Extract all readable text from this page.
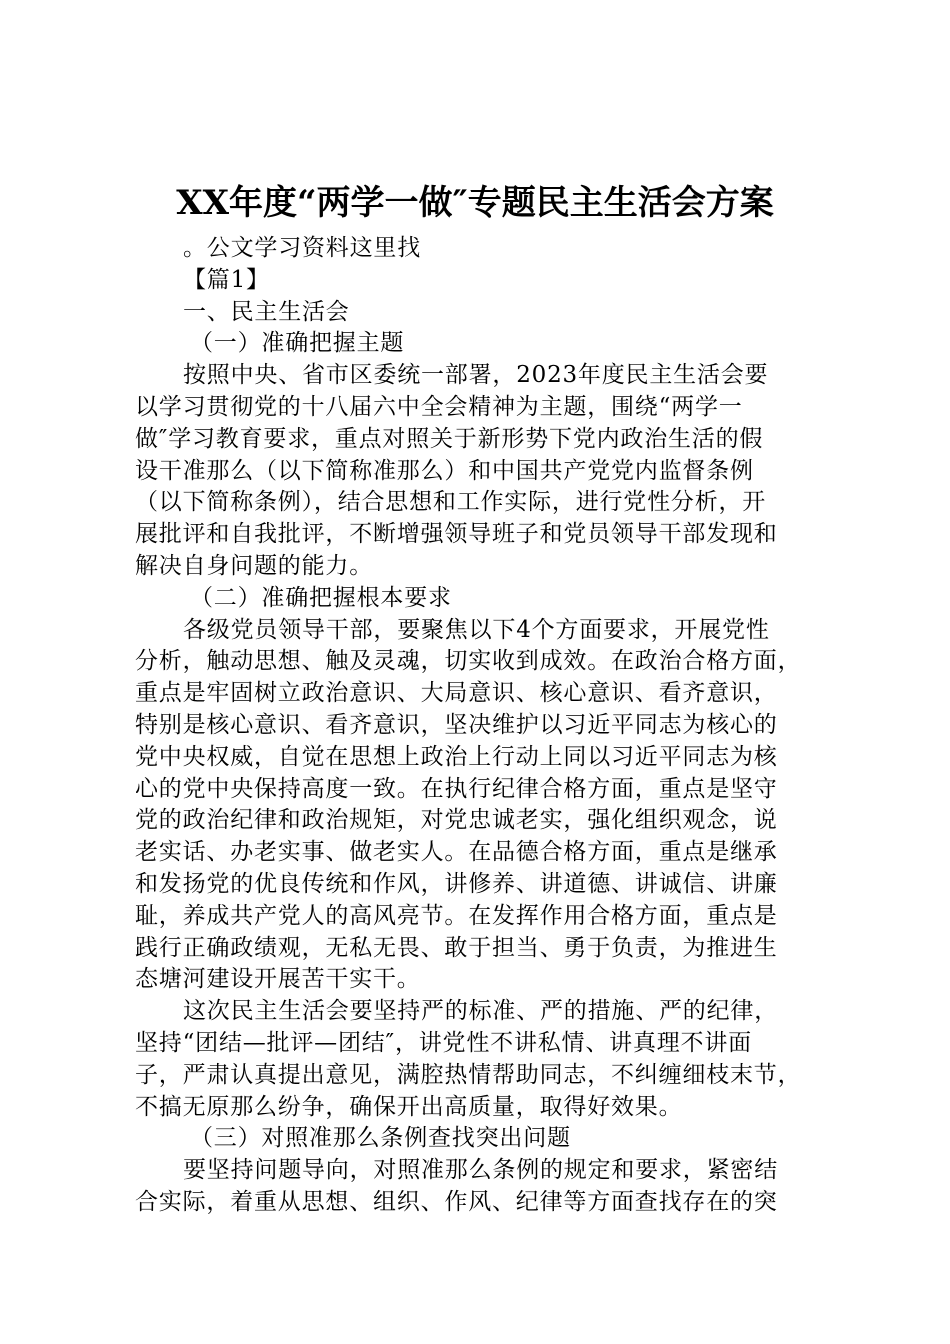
XX年度“两学一做″专题民主生活会方案
。公文学习资料这里找
【篇1】
一、民主生活会
（一）准确把握主题
按照中央、省市区委统一部署，2023年度民主生活会要
以学习贯彻党的十八届六中全会精神为主题，围绕“两学一
做″学习教育要求，重点对照关于新形势下党内政治生活的假
设干准那么（以下简称准那么）和中国共产党党内监督条例
（以下简称条例），结合思想和工作实际，进行党性分析，开
展批评和自我批评，不断增强领导班子和党员领导干部发现和
解决自身问题的能力。
（二）准确把握根本要求
各级党员领导干部，要聚焦以下4个方面要求，开展党性
分析，触动思想、触及灵魂，切实收到成效。在政治合格方面，
重点是牢固树立政治意识、大局意识、核心意识、看齐意识，
特别是核心意识、看齐意识，坚决维护以习近平同志为核心的
党中央权威，自觉在思想上政治上行动上同以习近平同志为核
心的党中央保持高度一致。在执行纪律合格方面，重点是坚守
党的政治纪律和政治规矩，对党忠诚老实，强化组织观念，说
老实话、办老实事、做老实人。在品德合格方面，重点是继承
和发扬党的优良传统和作风，讲修养、讲道德、讲诚信、讲廉
耻，养成共产党人的高风亮节。在发挥作用合格方面，重点是
践行正确政绩观，无私无畏、敢于担当、勇于负责，为推进生
态塘河建设开展苦干实干。
这次民主生活会要坚持严的标准、严的措施、严的纪律，
坚持“团结—批评—团结″，讲党性不讲私情、讲真理不讲面
子，严肃认真提出意见，满腔热情帮助同志，不纠缠细枝末节，
不搞无原那么纷争，确保开出高质量，取得好效果。
（三）对照准那么条例查找突出问题
要坚持问题导向，对照准那么条例的规定和要求，紧密结
合实际，着重从思想、组织、作风、纪律等方面查找存在的突
